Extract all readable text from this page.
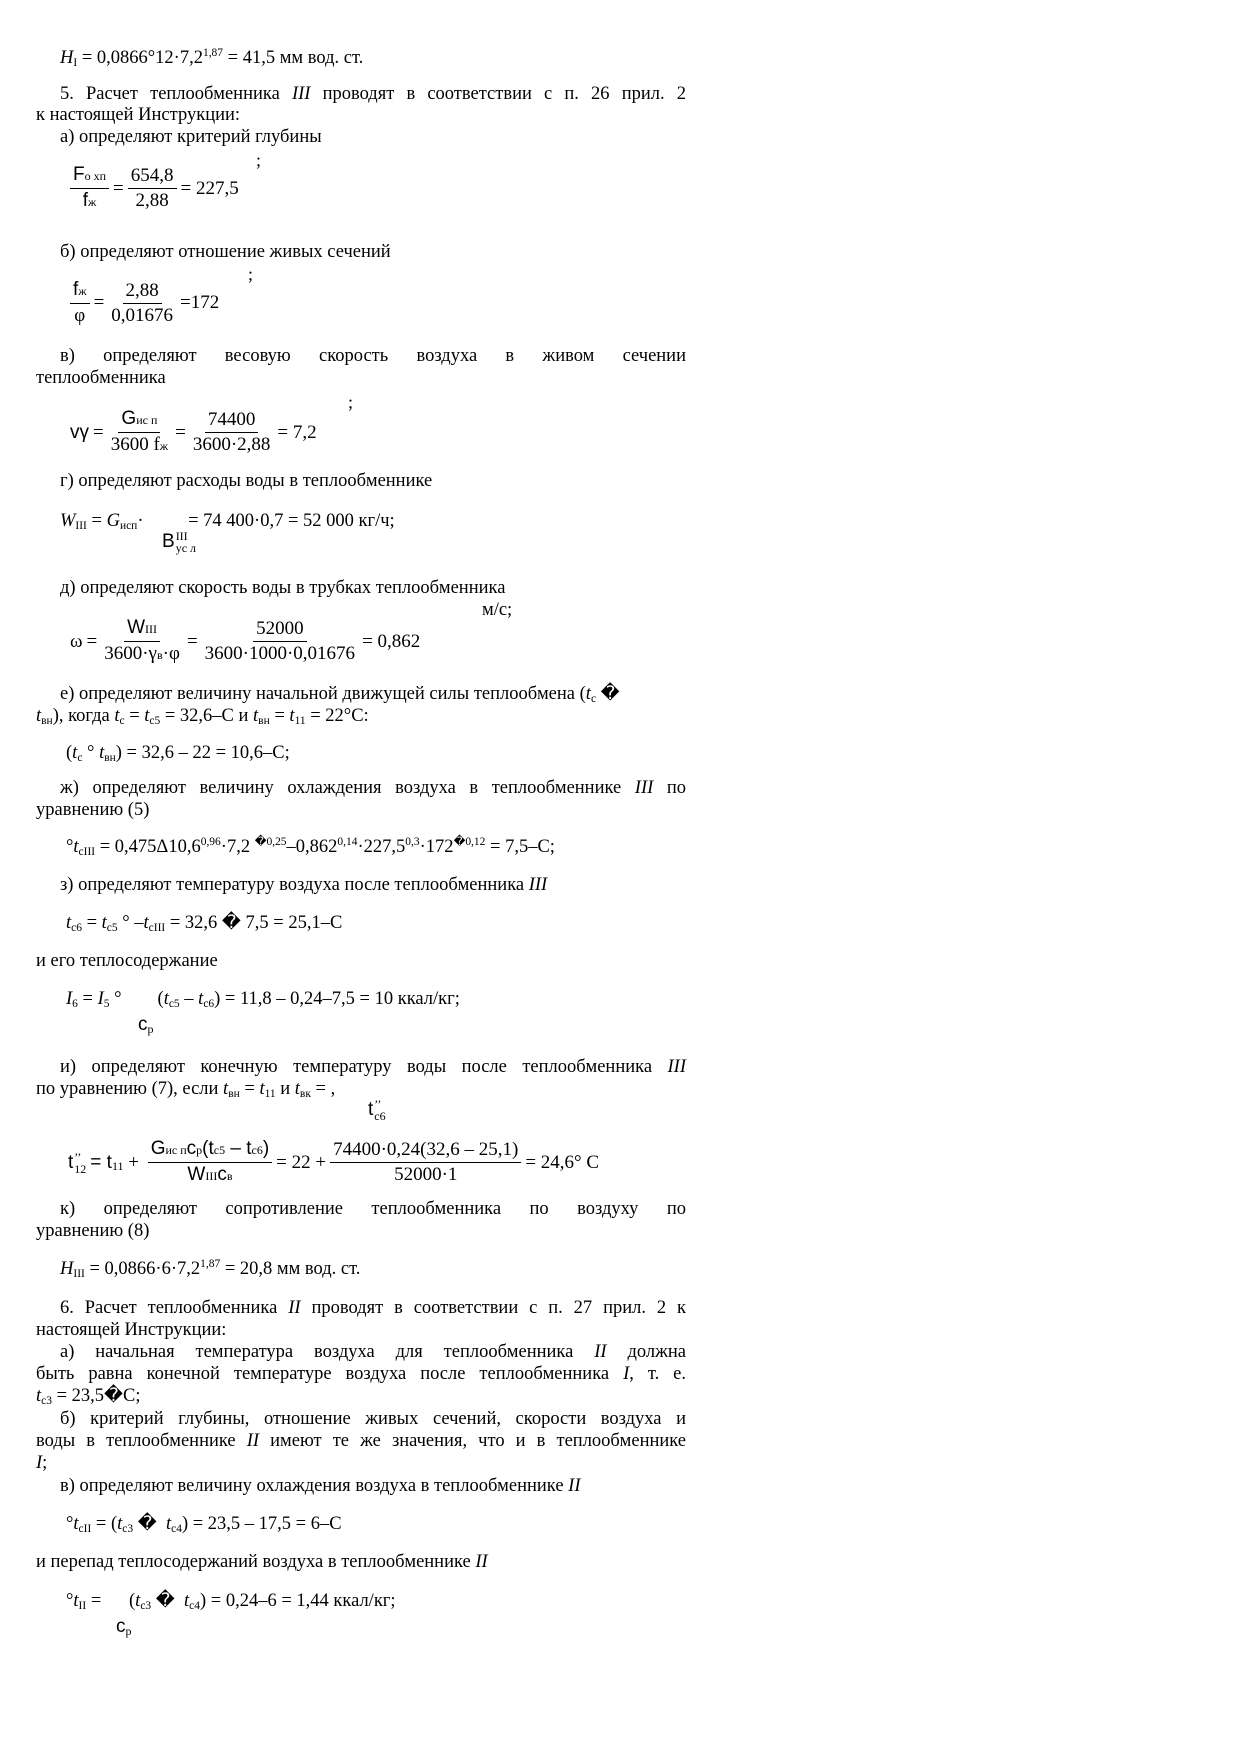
$H_I = 0,0866^\circ 12\cdot 7,2^{1,87} = 41,5$ мм вод. ст.
5. Расчет теплообменника III проводят в соответствии с п. 26 прил. 2
к настоящей Инструкции:
а) определяют критерий глубины
;
$\frac{\text{Fо хп}}{fж} = \frac{654,8}{2,88} = 227,5$
б) определяют отношение живых сечений
;
$\frac{fж}{\varphi} = \frac{2,88}{0,01676} =172$
в) определяют весовую скорость воздуха в живом сечении
теплообменника
;
$v\gamma = \frac{\text{Gис п}}{3600 fж} = \frac{74400}{3600\cdot 2,88} = 7,2$
г) определяют расходы воды в теплообменнике
$W_{III} = G_{исп}\cdot = 74$ 400·0,7 = 52 000 кг/ч;
B III
ус л
д) определяют скорость воды в трубках теплообменника
м/с;
$\omega = \frac{\text{WIII}}{3600\cdot\gamma в\cdot\varphi} = \frac{52000}{3600\cdot 1000\cdot 0,01676} = 0,862$
е) определяют величину начальной движущей силы теплообмена ($t_с$ �
$t_{вн}$), когда $t_с = t_{с5} = 32,6-С$ и $t_{вн} = t_{11} = 22^\circ С$:
($t_с$ ° $t_{вн}) = 32,6 - 22 = 10,6-С$;
ж) определяют величину охлаждения воздуха в теплообменнике III по
уравнению (5)
$^\circ t_{сIII} = 0,475\Delta 10,6^{0,96}\cdot 7,2$ $^{�0,25}-0,862^{0,14}\cdot 227,5^{0,3}\cdot 172^{�0,12} = 7,5-С$;
з) определяют температуру воздуха после теплообменника III
$t_{с6} = t_{с5}$ ° $-t_{сIII} = 32,6$ � 7,5 = 25,1–С
и его теплосодержание
$I_6 = I_5$ ° $(t_{с5} - t_{с6}) = 11,8 - 0,24-7,5 = 10$ ккал/кг;
c р
и) определяют конечную температуру воды после теплообменника III
по уравнению (7), если $t_{вн} = t_{11}$ и $t_{вк}$ = ,
t ’’
с6
t ’’
12 = t $11 + \frac{\text{Gис пcр(tс5 – tс6)}}{\text{WIIIcв}} = 22 + \frac{74400\cdot 0,24(32,6 - 25,1)}{52000\cdot 1} = 24,6^\circ$ C
к) определяют сопротивление теплообменника по воздуху по
уравнению (8)
$H_{III} = 0,0866\cdot 6\cdot 7,2^{1,87} = 20,8$ мм вод. ст.
6. Расчет теплообменника II проводят в соответствии с п. 27 прил. 2 к
настоящей Инструкции:
а) начальная температура воздуха для теплообменника II должна
быть равна конечной температуре воздуха после теплообменника I, т. е.
$t_{с3}$ = 23,5�С;
б) критерий глубины, отношение живых сечений, скорости воздуха и
воды в теплообменнике II имеют те же значения, что и в теплообменнике
I;
в) определяют величину охлаждения воздуха в теплообменнике II
$^\circ t_{сII} = (t_{с3}$ �  $t_{с4}) = 23,5 - 17,5 = 6-С$
и перепад теплосодержаний воздуха в теплообменнике II
$^\circ t_{II}$ =      ($t_{с3}$ �  $t_{с4}) = 0,24-6 = 1,44$ ккал/кг;
c р
